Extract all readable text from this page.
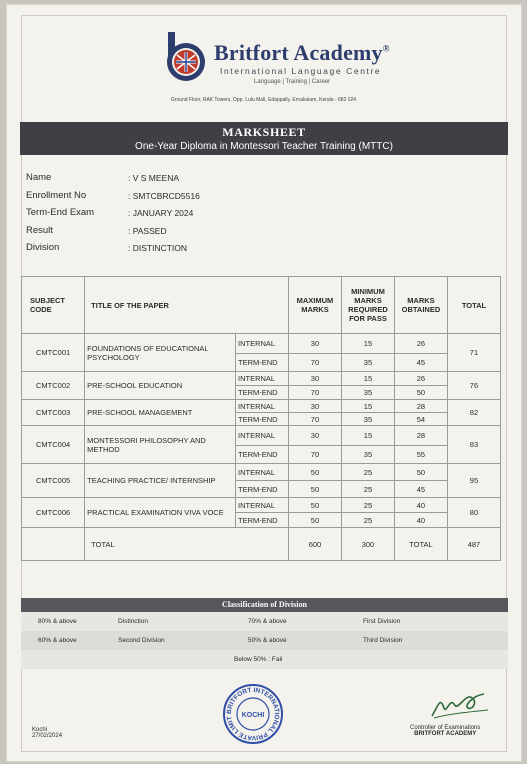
Britfort Academy®
International Language Centre
Language | Training | Career
Ground Floor, RAK Towers, Opp. Lulu Mall, Edappally, Ernakulam, Kerala - 682 024
MARKSHEET
One-Year Diploma in Montessori Teacher Training (MTTC)
Name	: V S MEENA
Enrollment No	: SMTCBRCD5516
Term-End Exam	: JANUARY 2024
Result	: PASSED
Division	: DISTINCTION
SUBJECT CODE	TITLE OF THE PAPER		MAXIMUM MARKS	MINIMUM MARKS REQUIRED FOR PASS	MARKS OBTAINED	TOTAL
CMTC001	FOUNDATIONS OF EDUCATIONAL PSYCHOLOGY	INTERNAL	30	15	26	71
		TERM-END	70	35	45	
CMTC002	PRE-SCHOOL EDUCATION	INTERNAL	30	15	26	76
		TERM-END	70	35	50	
CMTC003	PRE-SCHOOL MANAGEMENT	INTERNAL	30	15	28	82
		TERM-END	70	35	54	
CMTC004	MONTESSORI PHILOSOPHY AND METHOD	INTERNAL	30	15	28	83
		TERM-END	70	35	55	
CMTC005	TEACHING PRACTICE/ INTERNSHIP	INTERNAL	50	25	50	95
		TERM-END	50	25	45	
CMTC006	PRACTICAL EXAMINATION VIVA VOCE	INTERNAL	50	25	40	80
		TERM-END	50	25	40	
	TOTAL		600	300	TOTAL	487
Classification of Division
80% & above	Distinction	70% & above	First Division
60% & above	Second Division	50% & above	Third Division
Below 50% : Fail
BRITFORT INTERNATIONAL PRIVATE LIMIT	KOCHI
Kochi
27/02/2024
Controller of Examinations
BRITFORT ACADEMY
